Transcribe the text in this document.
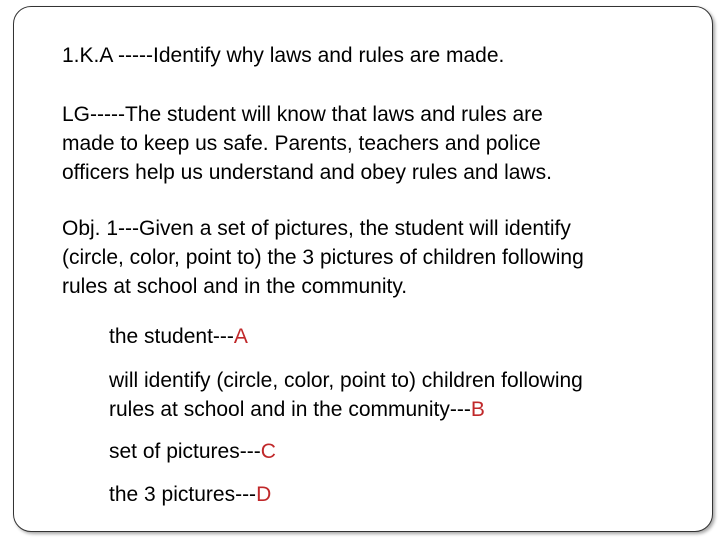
1.K.A -----Identify why laws and rules are made.

LG-----The student will know that laws and rules are
made to keep us safe. Parents, teachers and police
officers help us understand and obey rules and laws.

Obj. 1---Given a set of pictures, the student will identify
(circle, color, point to) the 3 pictures of children following
rules at school and in the community.

the student---A

will identify (circle, color, point to) children following
rules at school and in the community---B

set of pictures---C

the 3 pictures---D
